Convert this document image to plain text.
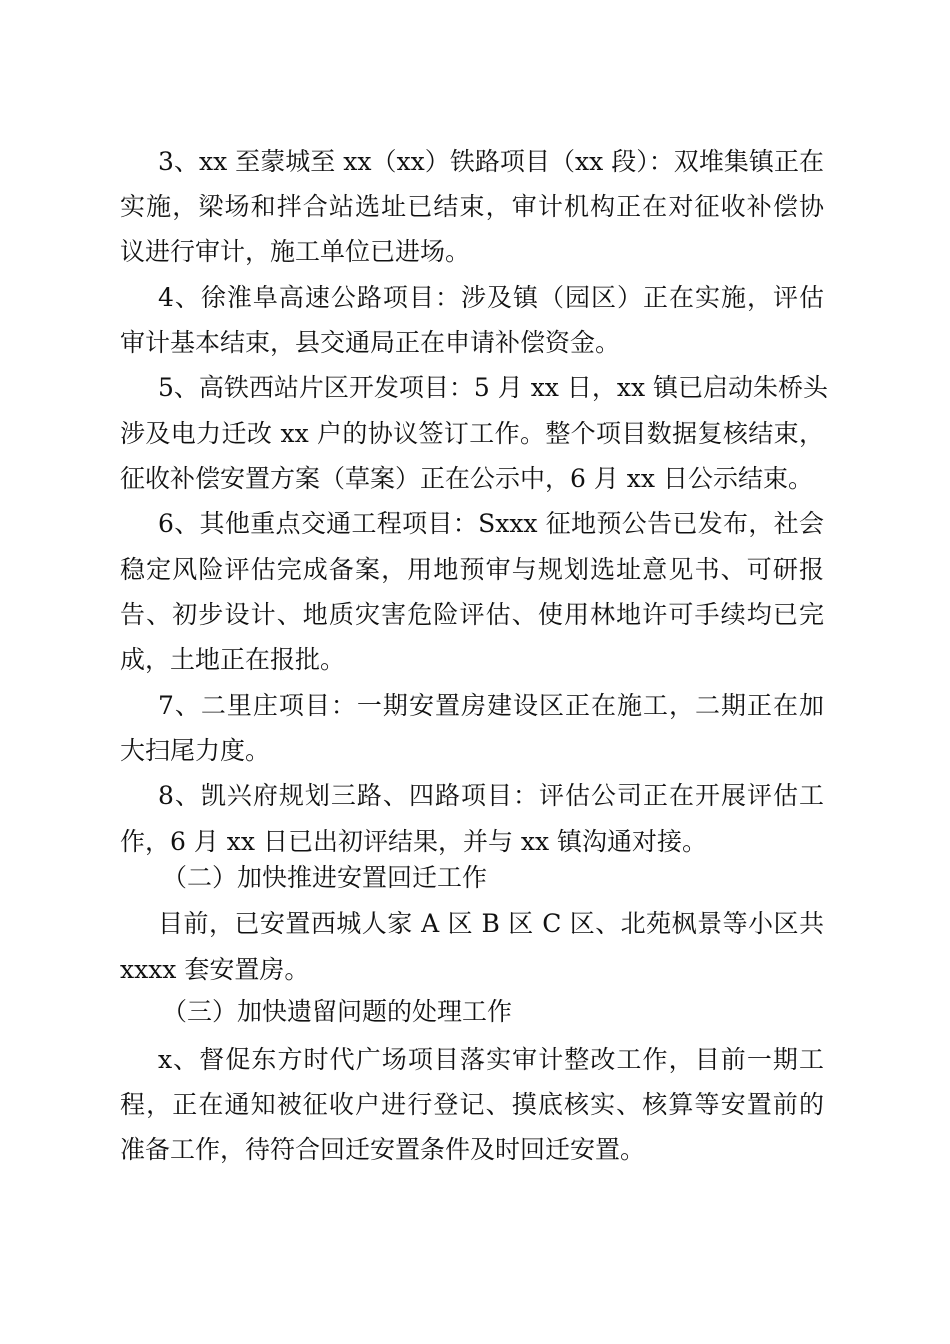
3、xx 至蒙城至 xx（xx）铁路项目（xx 段）：双堆集镇正在
实施，梁场和拌合站选址已结束，审计机构正在对征收补偿协
议进行审计，施工单位已进场。
4、徐淮阜高速公路项目：涉及镇（园区）正在实施，评估
审计基本结束，县交通局正在申请补偿资金。
5、高铁西站片区开发项目：5 月 xx 日，xx 镇已启动朱桥头
涉及电力迁改 xx 户的协议签订工作。整个项目数据复核结束，
征收补偿安置方案（草案）正在公示中，6 月 xx 日公示结束。
6、其他重点交通工程项目：Sxxx 征地预公告已发布，社会
稳定风险评估完成备案，用地预审与规划选址意见书、可研报
告、初步设计、地质灾害危险评估、使用林地许可手续均已完
成，土地正在报批。
7、二里庄项目：一期安置房建设区正在施工，二期正在加
大扫尾力度。
8、凯兴府规划三路、四路项目：评估公司正在开展评估工
作，6 月 xx 日已出初评结果，并与 xx 镇沟通对接。
（二）加快推进安置回迁工作
目前，已安置西城人家 A 区 B 区 C 区、北苑枫景等小区共
xxxx 套安置房。
（三）加快遗留问题的处理工作
x、督促东方时代广场项目落实审计整改工作，目前一期工
程，正在通知被征收户进行登记、摸底核实、核算等安置前的
准备工作，待符合回迁安置条件及时回迁安置。
